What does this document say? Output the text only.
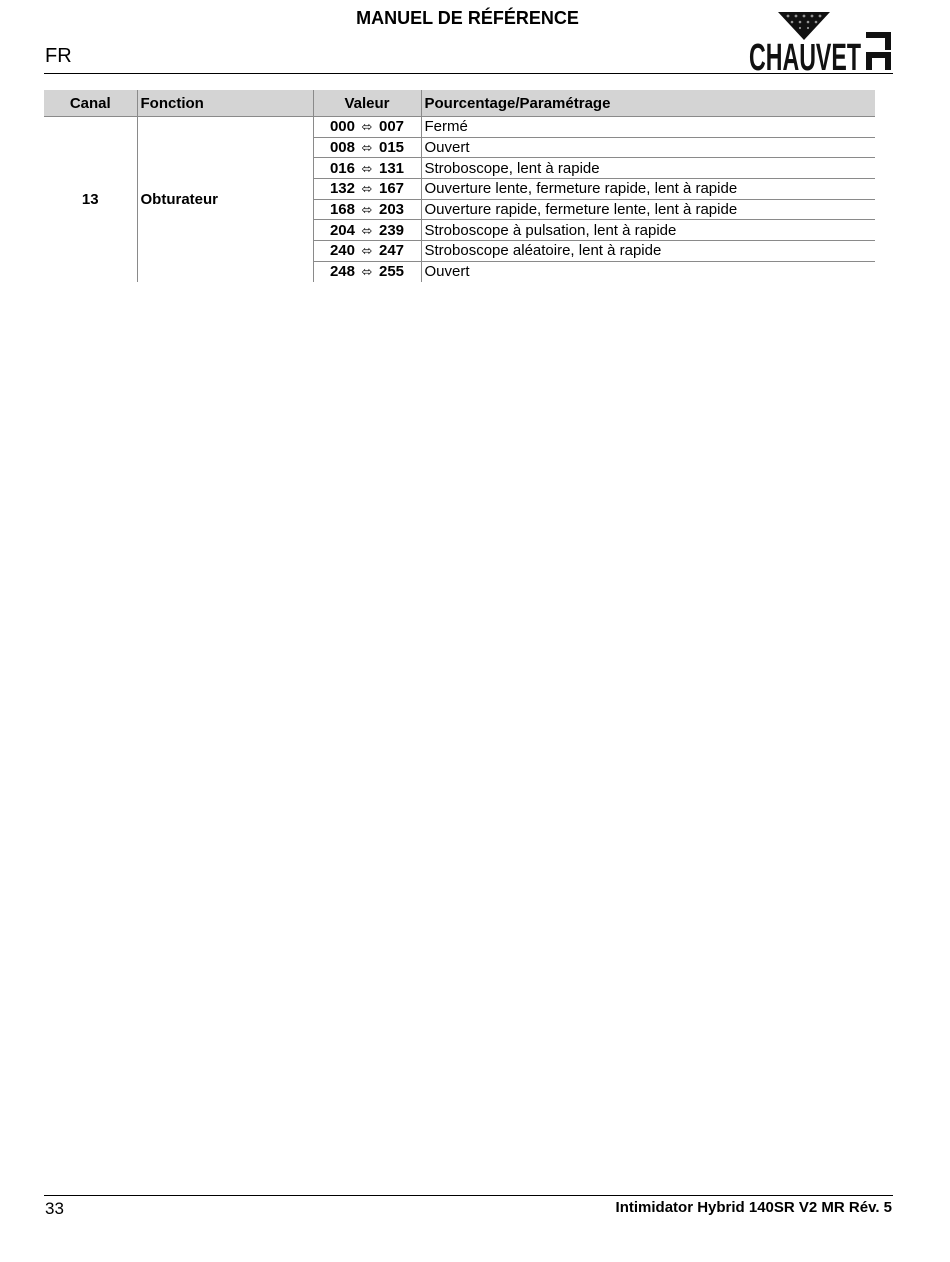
MANUEL DE RÉFÉRENCE
FR	CHAUVET
Canal	Fonction	Valeur	Pourcentage/Paramétrage
13	Obturateur	000 ⬄ 007	Fermé
		008 ⬄ 015	Ouvert
		016 ⬄ 131	Stroboscope, lent à rapide
		132 ⬄ 167	Ouverture lente, fermeture rapide, lent à rapide
		168 ⬄ 203	Ouverture rapide, fermeture lente, lent à rapide
		204 ⬄ 239	Stroboscope à pulsation, lent à rapide
		240 ⬄ 247	Stroboscope aléatoire, lent à rapide
		248 ⬄ 255	Ouvert
33	Intimidator Hybrid 140SR V2 MR Rév. 5
